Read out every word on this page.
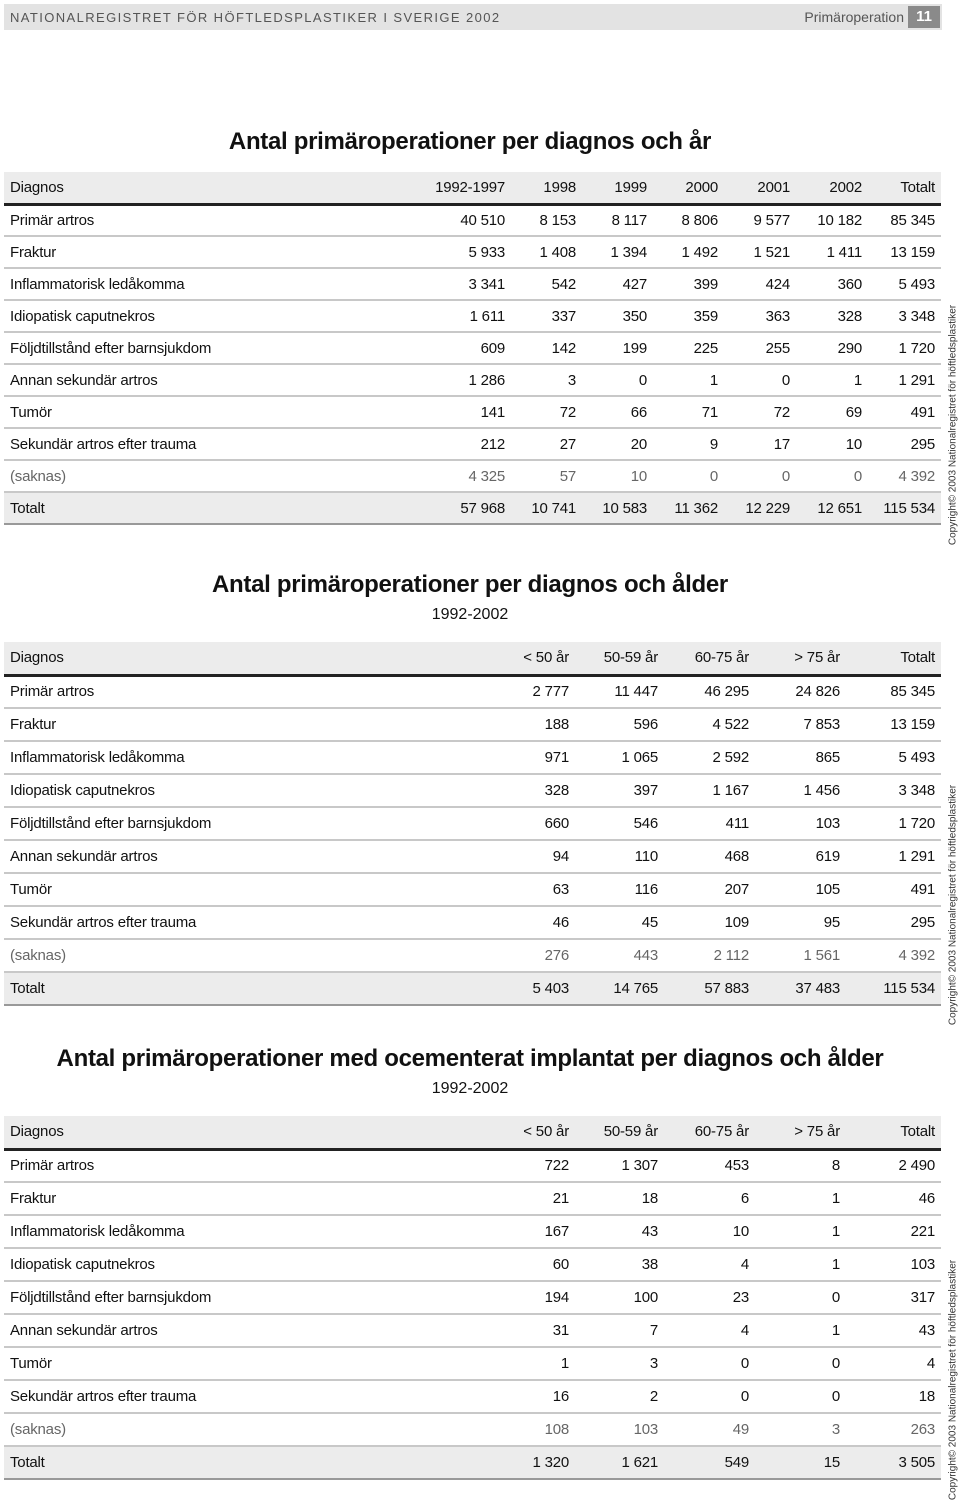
NATIONALREGISTRET FÖR HÖFTLEDSPLASTIKER I SVERIGE 2002	Primäroperation 11
Antal primäroperationer per diagnos och år
Diagnos	1992-1997	1998	1999	2000	2001	2002	Totalt
Primär artros	40 510	8 153	8 117	8 806	9 577	10 182	85 345
Fraktur	5 933	1 408	1 394	1 492	1 521	1 411	13 159
Inflammatorisk ledåkomma	3 341	542	427	399	424	360	5 493
Idiopatisk caputnekros	1 611	337	350	359	363	328	3 348
Följdtillstånd efter barnsjukdom	609	142	199	225	255	290	1 720
Annan sekundär artros	1 286	3	0	1	0	1	1 291
Tumör	141	72	66	71	72	69	491
Sekundär artros efter trauma	212	27	20	9	17	10	295
(saknas)	4 325	57	10	0	0	0	4 392
Totalt	57 968	10 741	10 583	11 362	12 229	12 651	115 534 Copyright© 2003 Nationalregistret för höftledsplastiker
Antal primäroperationer per diagnos och ålder
1992-2002
Diagnos	< 50 år	50-59 år	60-75 år	> 75 år	Totalt
Primär artros	2 777	11 447	46 295	24 826	85 345
Fraktur	188	596	4 522	7 853	13 159
Inflammatorisk ledåkomma	971	1 065	2 592	865	5 493
Idiopatisk caputnekros	328	397	1 167	1 456	3 348
Följdtillstånd efter barnsjukdom	660	546	411	103	1 720
Annan sekundär artros	94	110	468	619	1 291
Tumör	63	116	207	105	491
Sekundär artros efter trauma	46	45	109	95	295
(saknas)	276	443	2 112	1 561	4 392
Totalt	5 403	14 765	57 883	37 483	115 534 Copyright© 2003 Nationalregistret för höftledsplastiker
Antal primäroperationer med ocementerat implantat per diagnos och ålder
1992-2002
Diagnos	< 50 år	50-59 år	60-75 år	> 75 år	Totalt
Primär artros	722	1 307	453	8	2 490
Fraktur	21	18	6	1	46
Inflammatorisk ledåkomma	167	43	10	1	221
Idiopatisk caputnekros	60	38	4	1	103
Följdtillstånd efter barnsjukdom	194	100	23	0	317
Annan sekundär artros	31	7	4	1	43
Tumör	1	3	0	0	4
Sekundär artros efter trauma	16	2	0	0	18
(saknas)	108	103	49	3	263
Totalt	1 320	1 621	549	15	3 505 Copyright© 2003 Nationalregistret för höftledsplastiker
